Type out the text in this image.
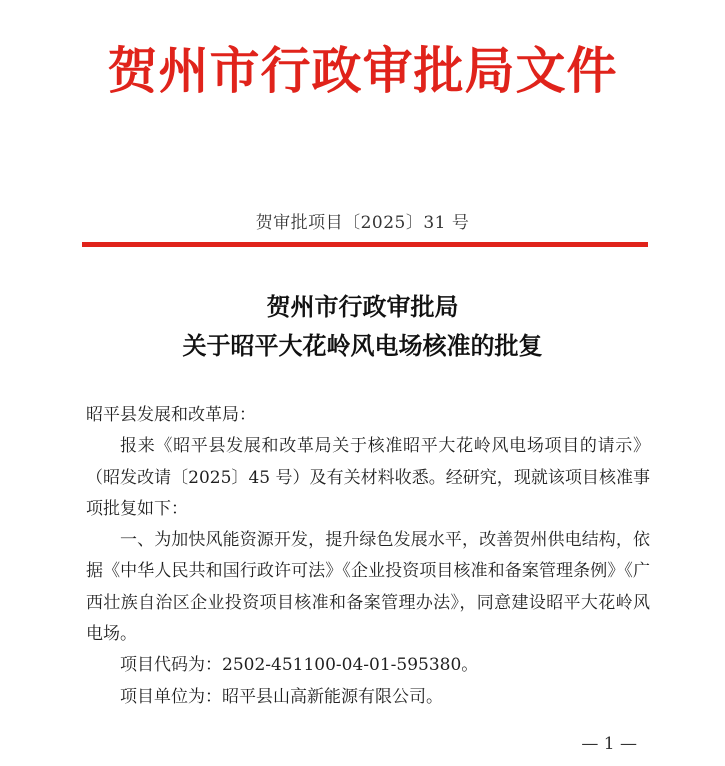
贺州市行政审批局文件
贺审批项目〔2025〕31 号
贺州市行政审批局
关于昭平大花岭风电场核准的批复

昭平县发展和改革局：

报来《昭平县发展和改革局关于核准昭平大花岭风电场项目的请示》（昭发改请〔2025〕45 号）及有关材料收悉。经研究，现就该项目核准事项批复如下：

一、为加快风能资源开发，提升绿色发展水平，改善贺州供电结构，依据《中华人民共和国行政许可法》《企业投资项目核准和备案管理条例》《广西壮族自治区企业投资项目核准和备案管理办法》，同意建设昭平大花岭风电场。

项目代码为：2502-451100-04-01-595380。

项目单位为：昭平县山高新能源有限公司。

— 1 —
